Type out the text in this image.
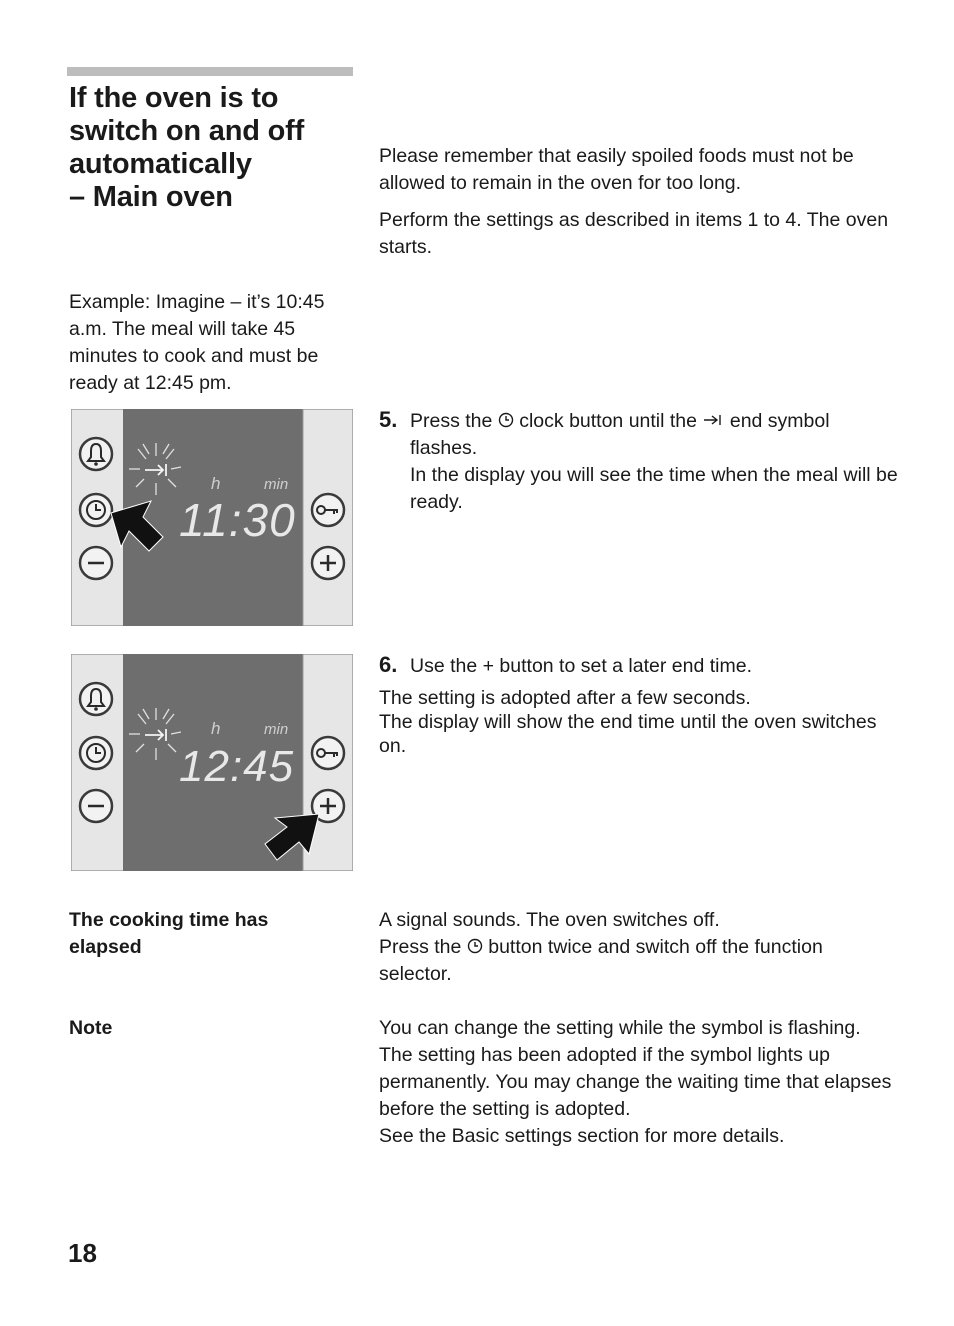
If the oven is to
switch on and off
automatically
– Main oven

Please remember that easily spoiled foods must not be allowed to remain in the oven for too long.

Perform the settings as described in items 1 to 4. The oven starts.

Example: Imagine – it’s 10:45 a.m. The meal will take 45 minutes to cook and must be ready at 12:45 pm.
h	min
11:30
h	min
12:45
5. Press the clock button until the end symbol flashes.
In the display you will see the time when the meal will be ready.
6. Use the + button to set a later end time.

The setting is adopted after a few seconds.

The display will show the end time until the oven switches on.

The cooking time has elapsed

A signal sounds. The oven switches off.

Press the button twice and switch off the function selector.

Note	You can change the setting while the symbol is flashing. The setting has been adopted if the symbol lights up permanently. You may change the waiting time that elapses before the setting is adopted.

See the Basic settings section for more details.

18
